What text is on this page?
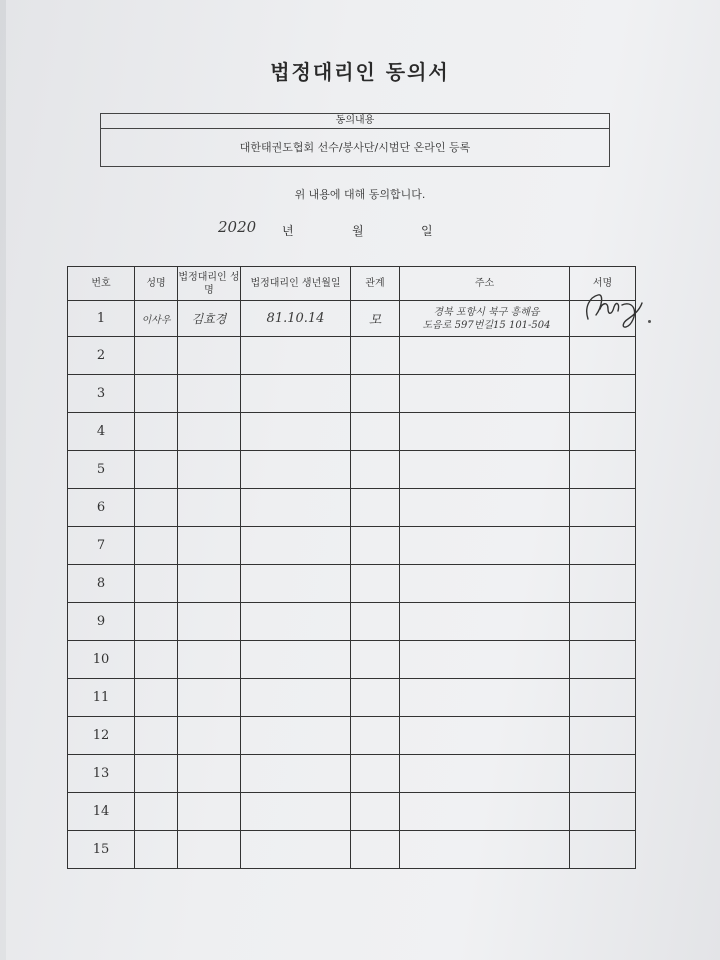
법정대리인 동의서
동의내용
대한태권도협회 선수/봉사단/시범단 온라인 등록
위 내용에 대해 동의합니다.
2020 년	월	일
번호	성명	법정대리인 성명	법정대리인 생년월일	관계	주소	서명
1	이사우	김효경	81.10.14	모	경북 포항시 북구 흥해읍
도음로 597번길15 101-504	

2						
3						
4						
5						
6						
7						
8						
9						
10						
11						
12						
13						
14						
15						
